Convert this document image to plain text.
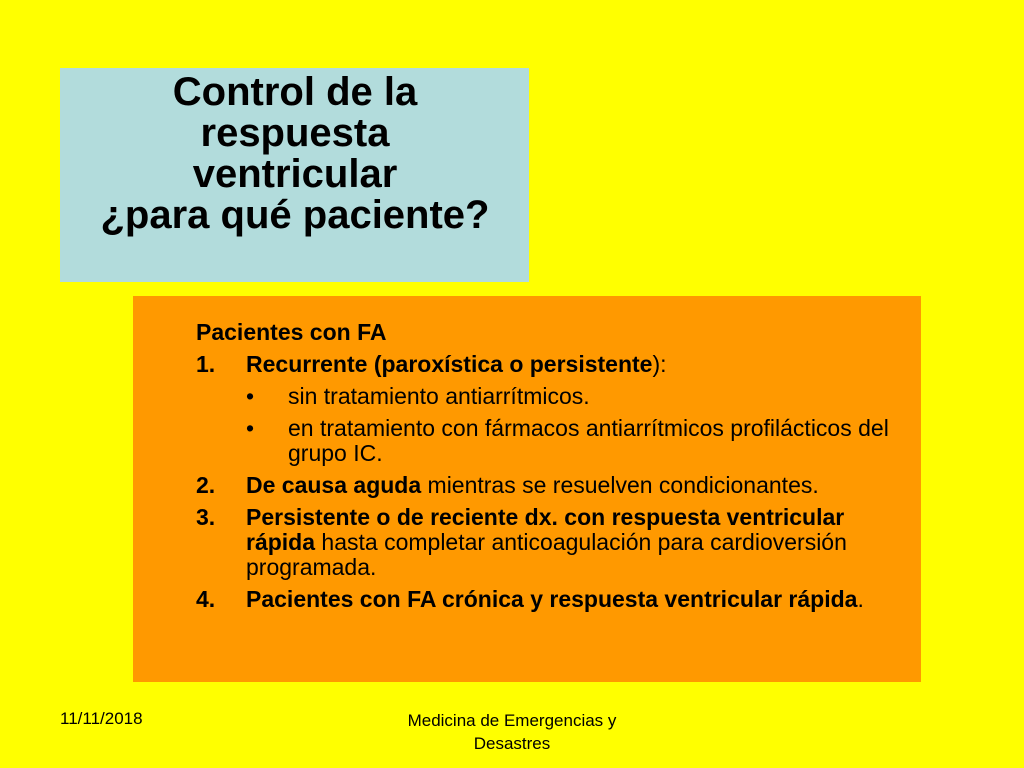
Control de la
respuesta
ventricular
¿para qué paciente?
Pacientes con FA
1. Recurrente (paroxística o persistente):
• sin tratamiento antiarrítmicos.
• en tratamiento con fármacos antiarrítmicos profilácticos del grupo IC.
2. De causa aguda mientras se resuelven condicionantes.
3. Persistente o de reciente dx. con respuesta ventricular rápida hasta completar anticoagulación para cardioversión programada.
4. Pacientes con FA crónica y respuesta ventricular rápida.
11/11/2018	Medicina de Emergencias y Desastres
